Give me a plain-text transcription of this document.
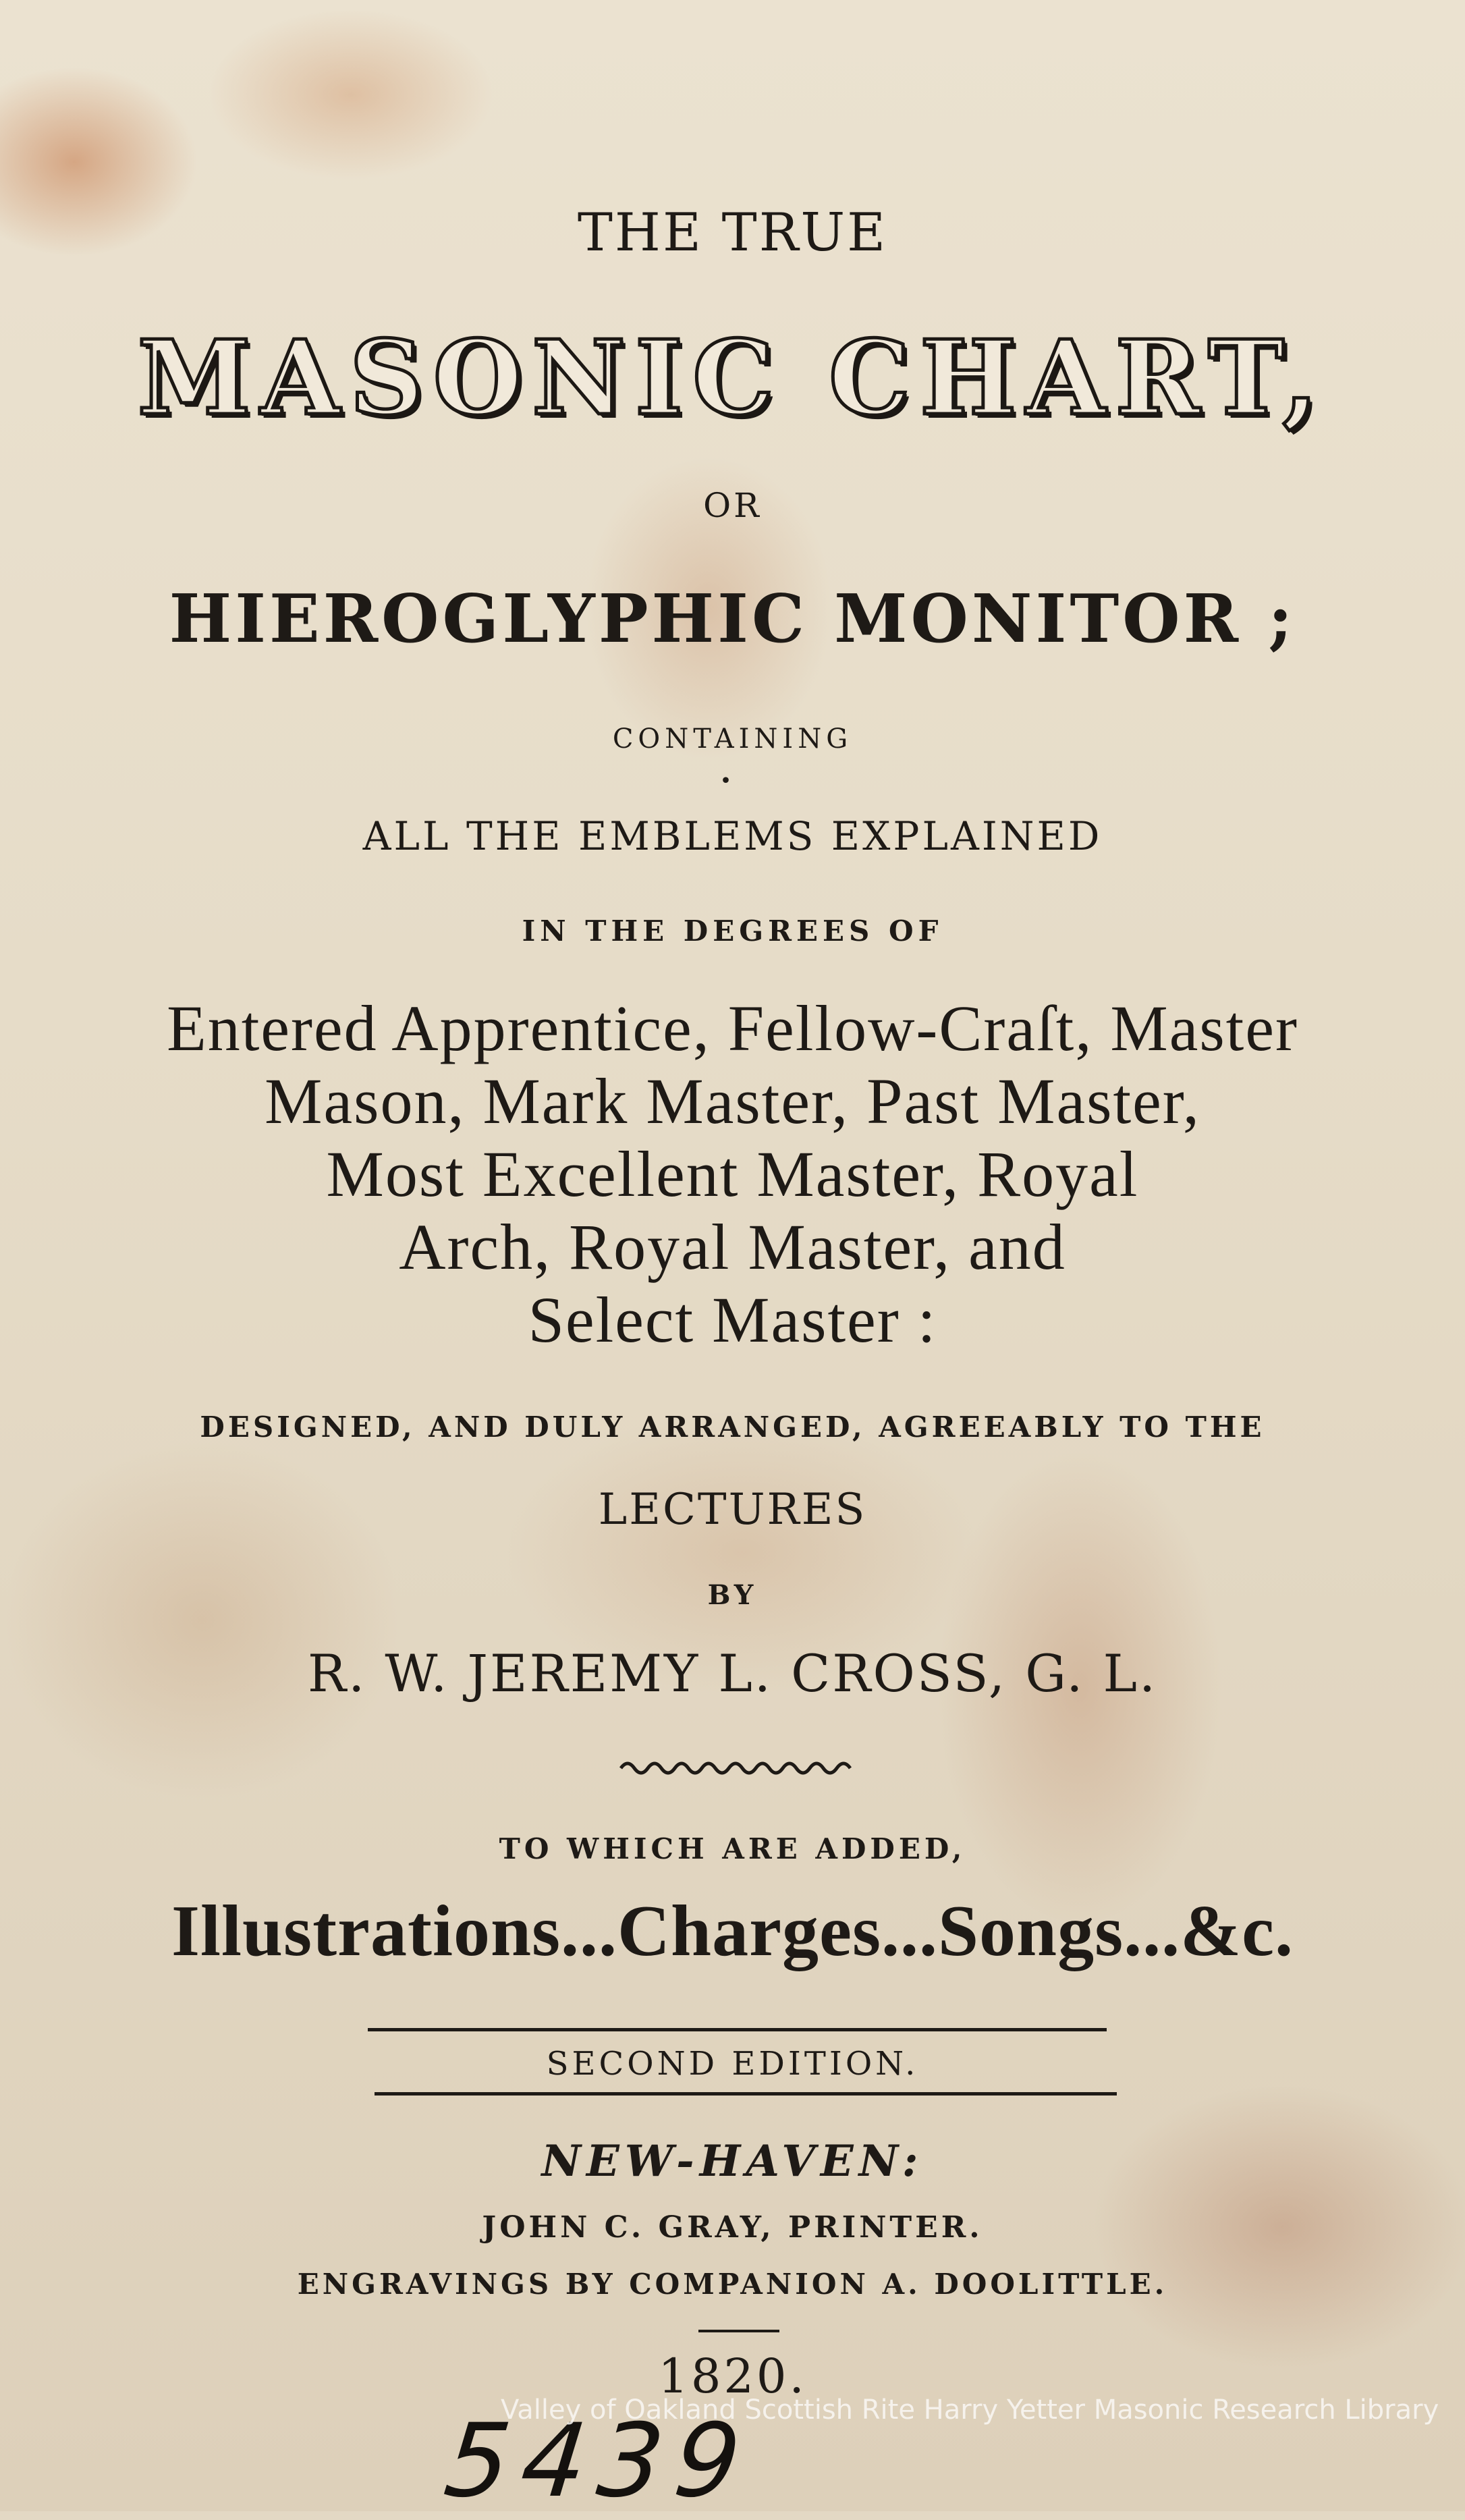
THE TRUE

MASONIC CHART,

OR

HIEROGLYPHIC MONITOR ;

CONTAINING

•

ALL THE EMBLEMS EXPLAINED

IN THE DEGREES OF

Entered Apprentice, Fellow-Craſt, Master
Mason, Mark Master, Past Master,
Most Excellent Master, Royal
Arch, Royal Master, and
Select Master :

DESIGNED, AND DULY ARRANGED, AGREEABLY TO THE

LECTURES

BY

R. W. JEREMY L. CROSS, G. L.

TO WHICH ARE ADDED,

Illustrations...Charges...Songs...&c.

SECOND EDITION.

NEW-HAVEN:

JOHN C. GRAY, PRINTER.

ENGRAVINGS BY COMPANION A. DOOLITTLE.

1820.

5439

Valley of Oakland Scottish Rite Harry Yetter Masonic Research Library
